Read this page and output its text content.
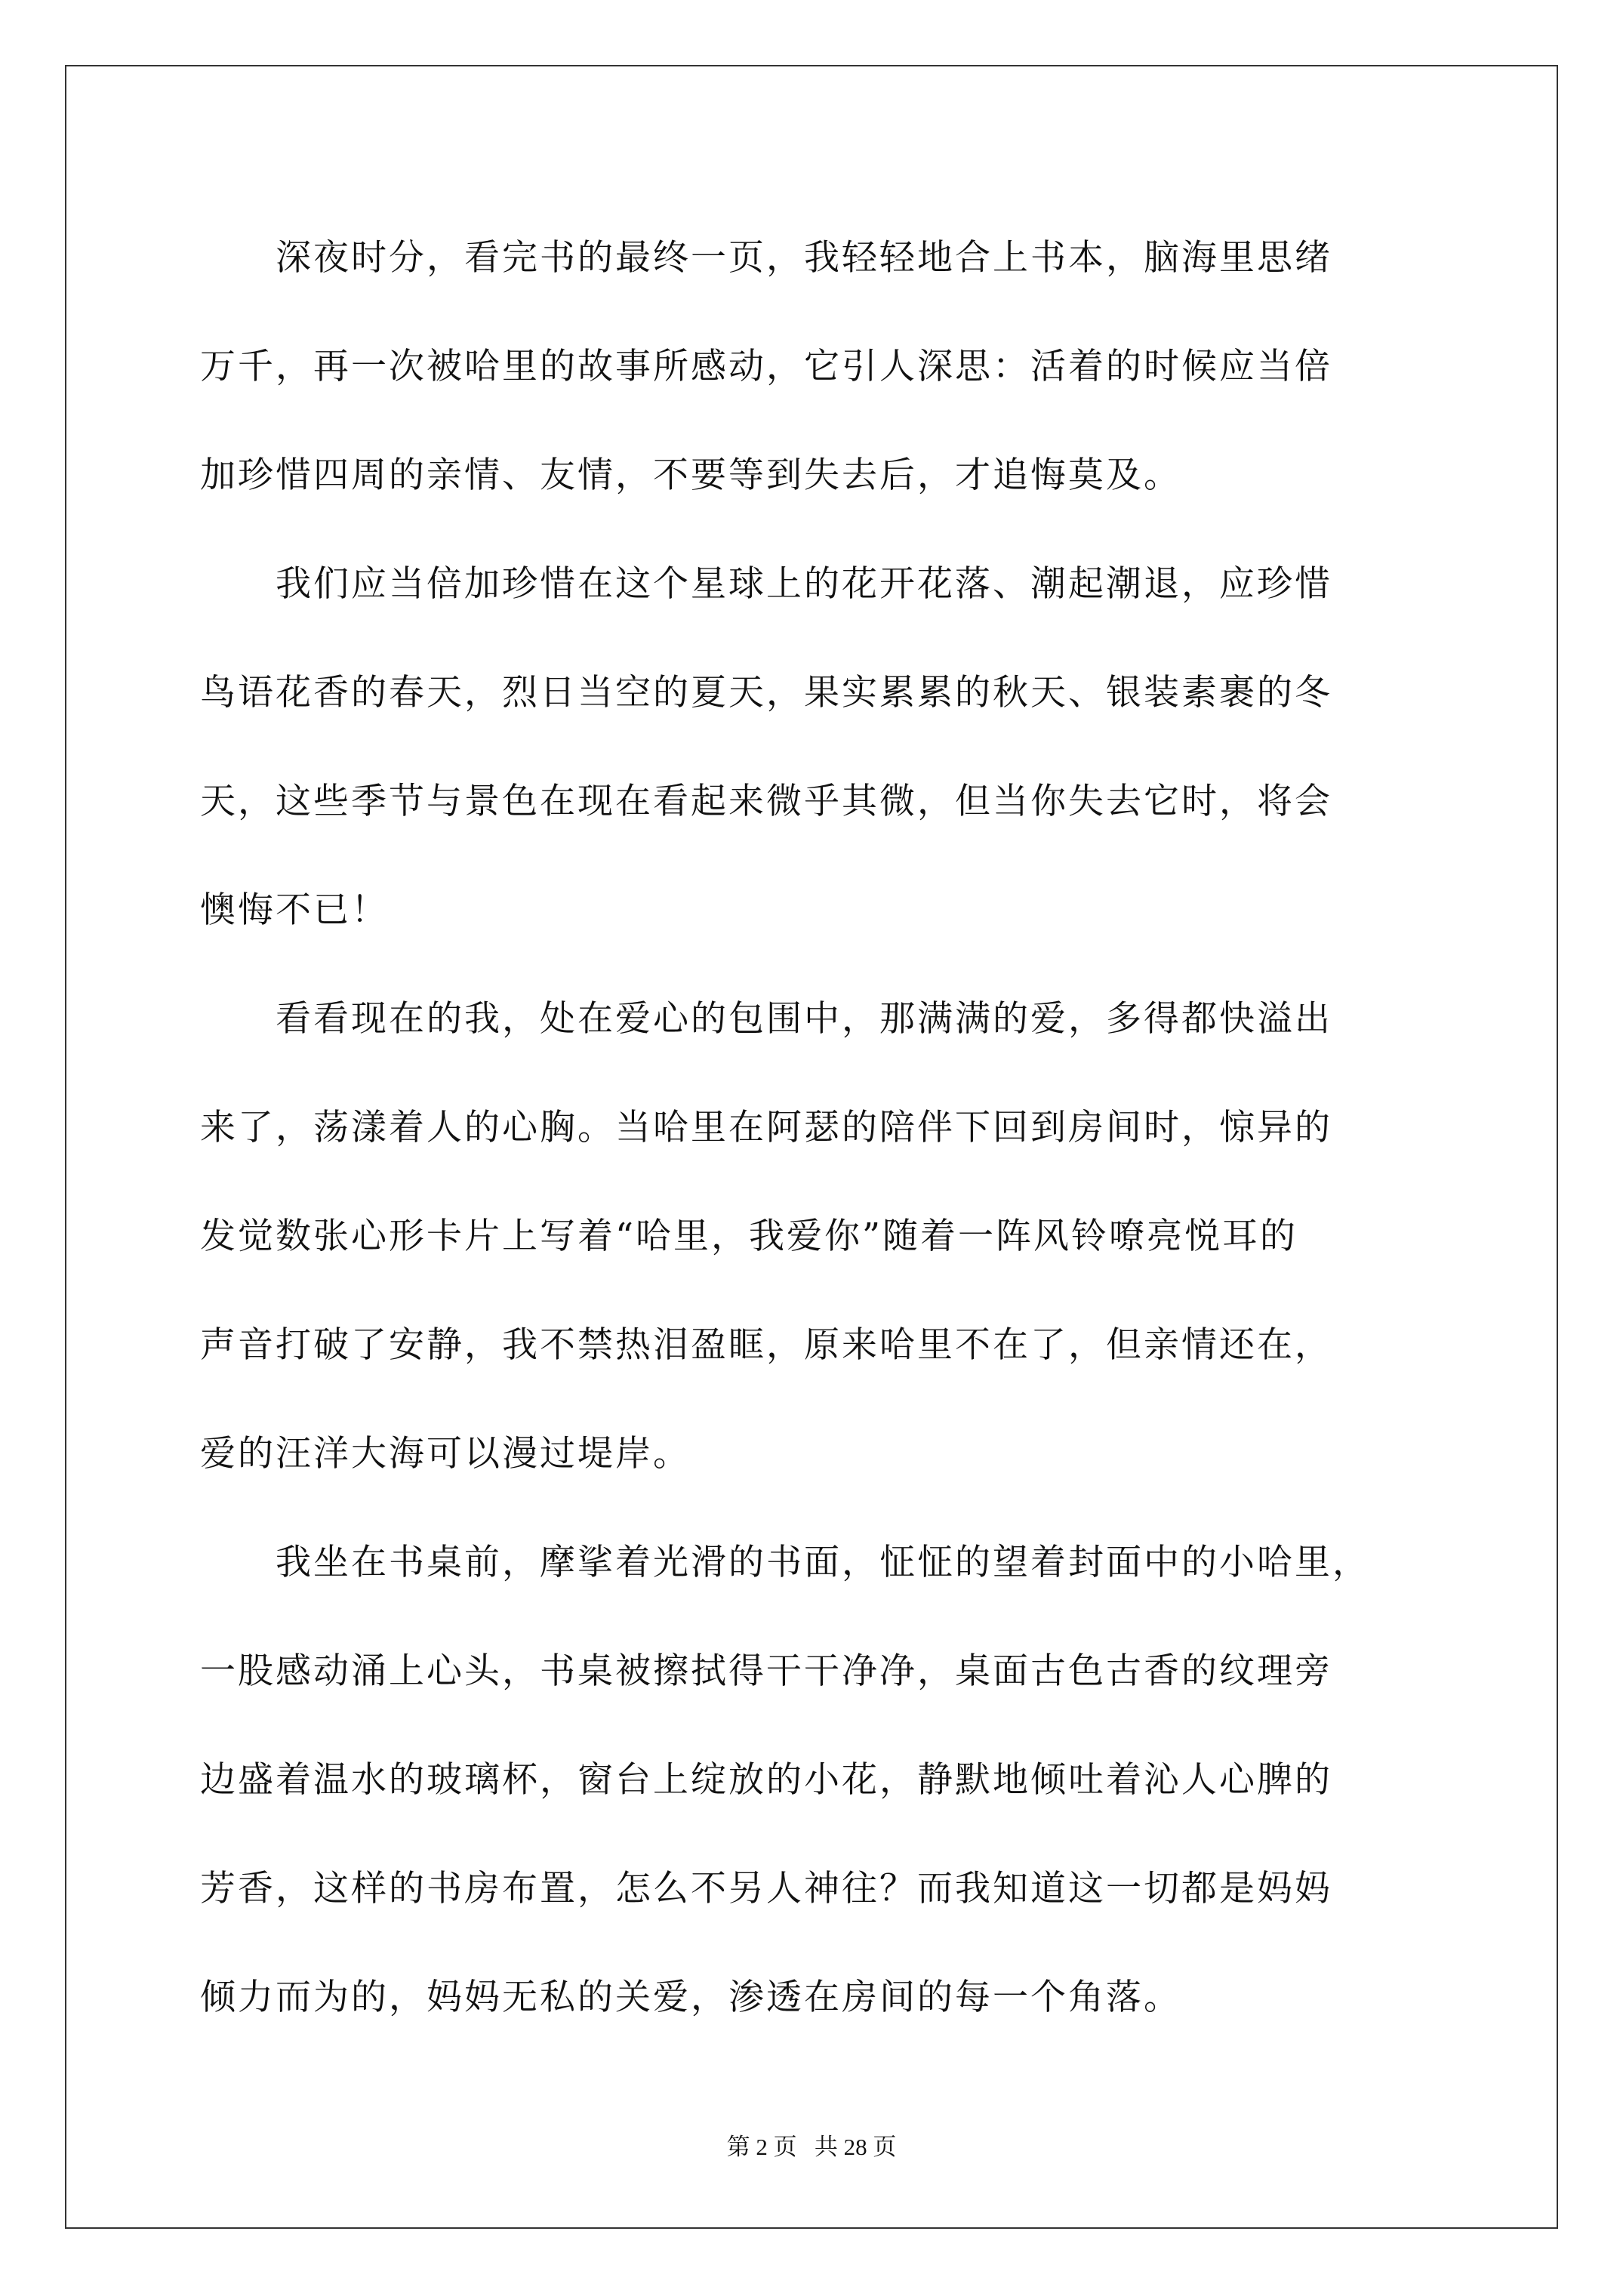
深夜时分，看完书的最终一页，我轻轻地合上书本，脑海里思绪
万千，再一次被哈里的故事所感动，它引人深思：活着的时候应当倍
加珍惜四周的亲情、友情，不要等到失去后，才追悔莫及。

我们应当倍加珍惜在这个星球上的花开花落、潮起潮退，应珍惜
鸟语花香的春天，烈日当空的夏天，果实累累的秋天、银装素裹的冬
天，这些季节与景色在现在看起来微乎其微，但当你失去它时，将会
懊悔不已！

看看现在的我，处在爱心的包围中，那满满的爱，多得都快溢出
来了，荡漾着人的心胸。当哈里在阿瑟的陪伴下回到房间时，惊异的
发觉数张心形卡片上写着“哈里，我爱你”随着一阵风铃嘹亮悦耳的
声音打破了安静，我不禁热泪盈眶，原来哈里不在了，但亲情还在，
爱的汪洋大海可以漫过堤岸。

我坐在书桌前，摩挲着光滑的书面，怔怔的望着封面中的小哈里，
一股感动涌上心头，书桌被擦拭得干干净净，桌面古色古香的纹理旁
边盛着温水的玻璃杯，窗台上绽放的小花，静默地倾吐着沁人心脾的
芳香，这样的书房布置，怎么不另人神往？而我知道这一切都是妈妈
倾力而为的，妈妈无私的关爱，渗透在房间的每一个角落。

第 2 页 共 28 页
